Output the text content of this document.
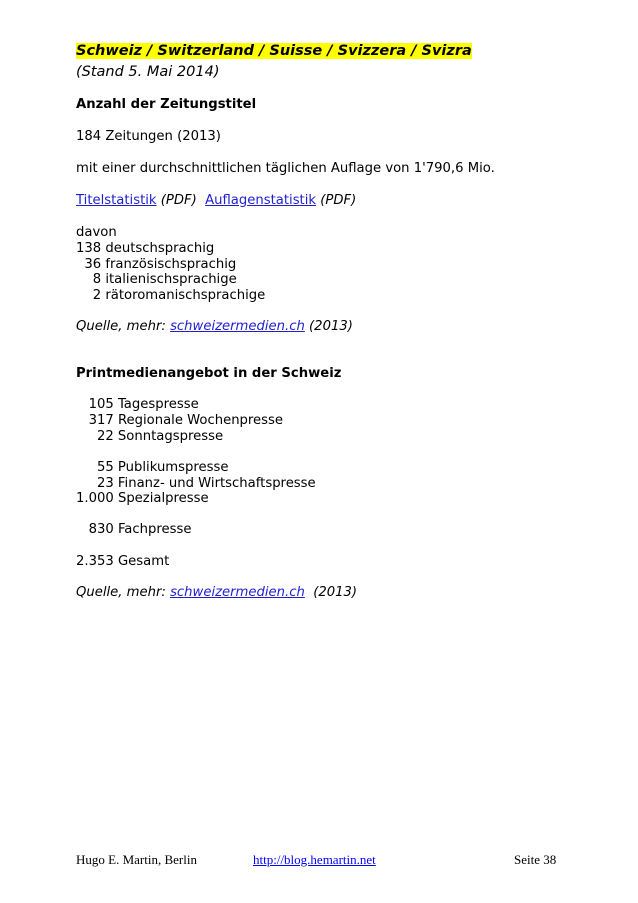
Schweiz / Switzerland / Suisse / Svizzera / Svizra

(Stand 5. Mai 2014)

Anzahl der Zeitungstitel

184 Zeitungen (2013)

mit einer durchschnittlichen täglichen Auflage von 1'790,6 Mio.

Titelstatistik (PDF)  Auflagenstatistik (PDF)

davon

138 deutschsprachig

36 französischsprachig

8 italienischsprachige

2 rätoromanischsprachige

Quelle, mehr: schweizermedien.ch (2013)

Printmedienangebot in der Schweiz

105 Tagespresse

317 Regionale Wochenpresse

22 Sonntagspresse

55 Publikumspresse

23 Finanz- und Wirtschaftspresse

1.000 Spezialpresse

830 Fachpresse

2.353 Gesamt

Quelle, mehr: schweizermedien.ch  (2013)

Hugo E. Martin, Berlin	http://blog.hemartin.net	Seite 38
